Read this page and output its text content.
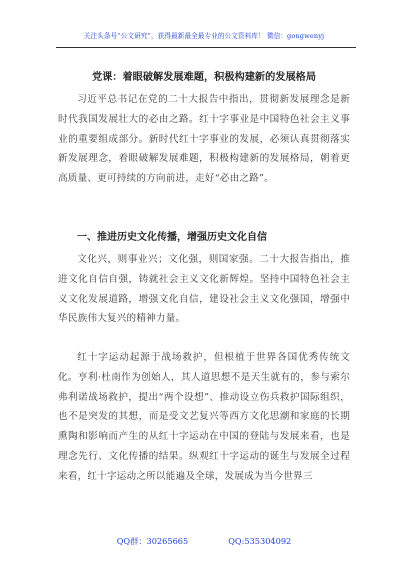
关注头条号“公文研究”，获得最新最全最专业的公文资料库！ 微信：gongwenyj
党课：着眼破解发展难题，积极构建新的发展格局

习近平总书记在党的二十大报告中指出，贯彻新发展理念是新时代我国发展壮大的必由之路。红十字事业是中国特色社会主义事业的重要组成部分。新时代红十字事业的发展，必须认真贯彻落实新发展理念，着眼破解发展难题，积极构建新的发展格局，朝着更高质量、更可持续的方向前进，走好“必由之路”。

一、推进历史文化传播，增强历史文化自信

文化兴，则事业兴；文化强，则国家强。二十大报告指出，推进文化自信自强，铸就社会主义文化新辉煌。坚持中国特色社会主义文化发展道路，增强文化自信，建设社会主义文化强国，增强中华民族伟大复兴的精神力量。

红十字运动起源于战场救护，但根植于世界各国优秀传统文化。亨利·杜南作为创始人，其人道思想不是天生就有的，参与索尔弗利诺战场救护，提出“两个设想”、推动设立伤兵救护国际组织，也不是突发的其想，而是受文艺复兴等西方文化思潮和家庭的长期熏陶和影响而产生的从红十字运动在中国的登陆与发展来看，也是理念先行、文化传播的结果。纵观红十字运动的诞生与发展全过程来看，红十字运动之所以能遍及全球，发展成为当今世界三

QQ群：30265665	QQ:535304092
